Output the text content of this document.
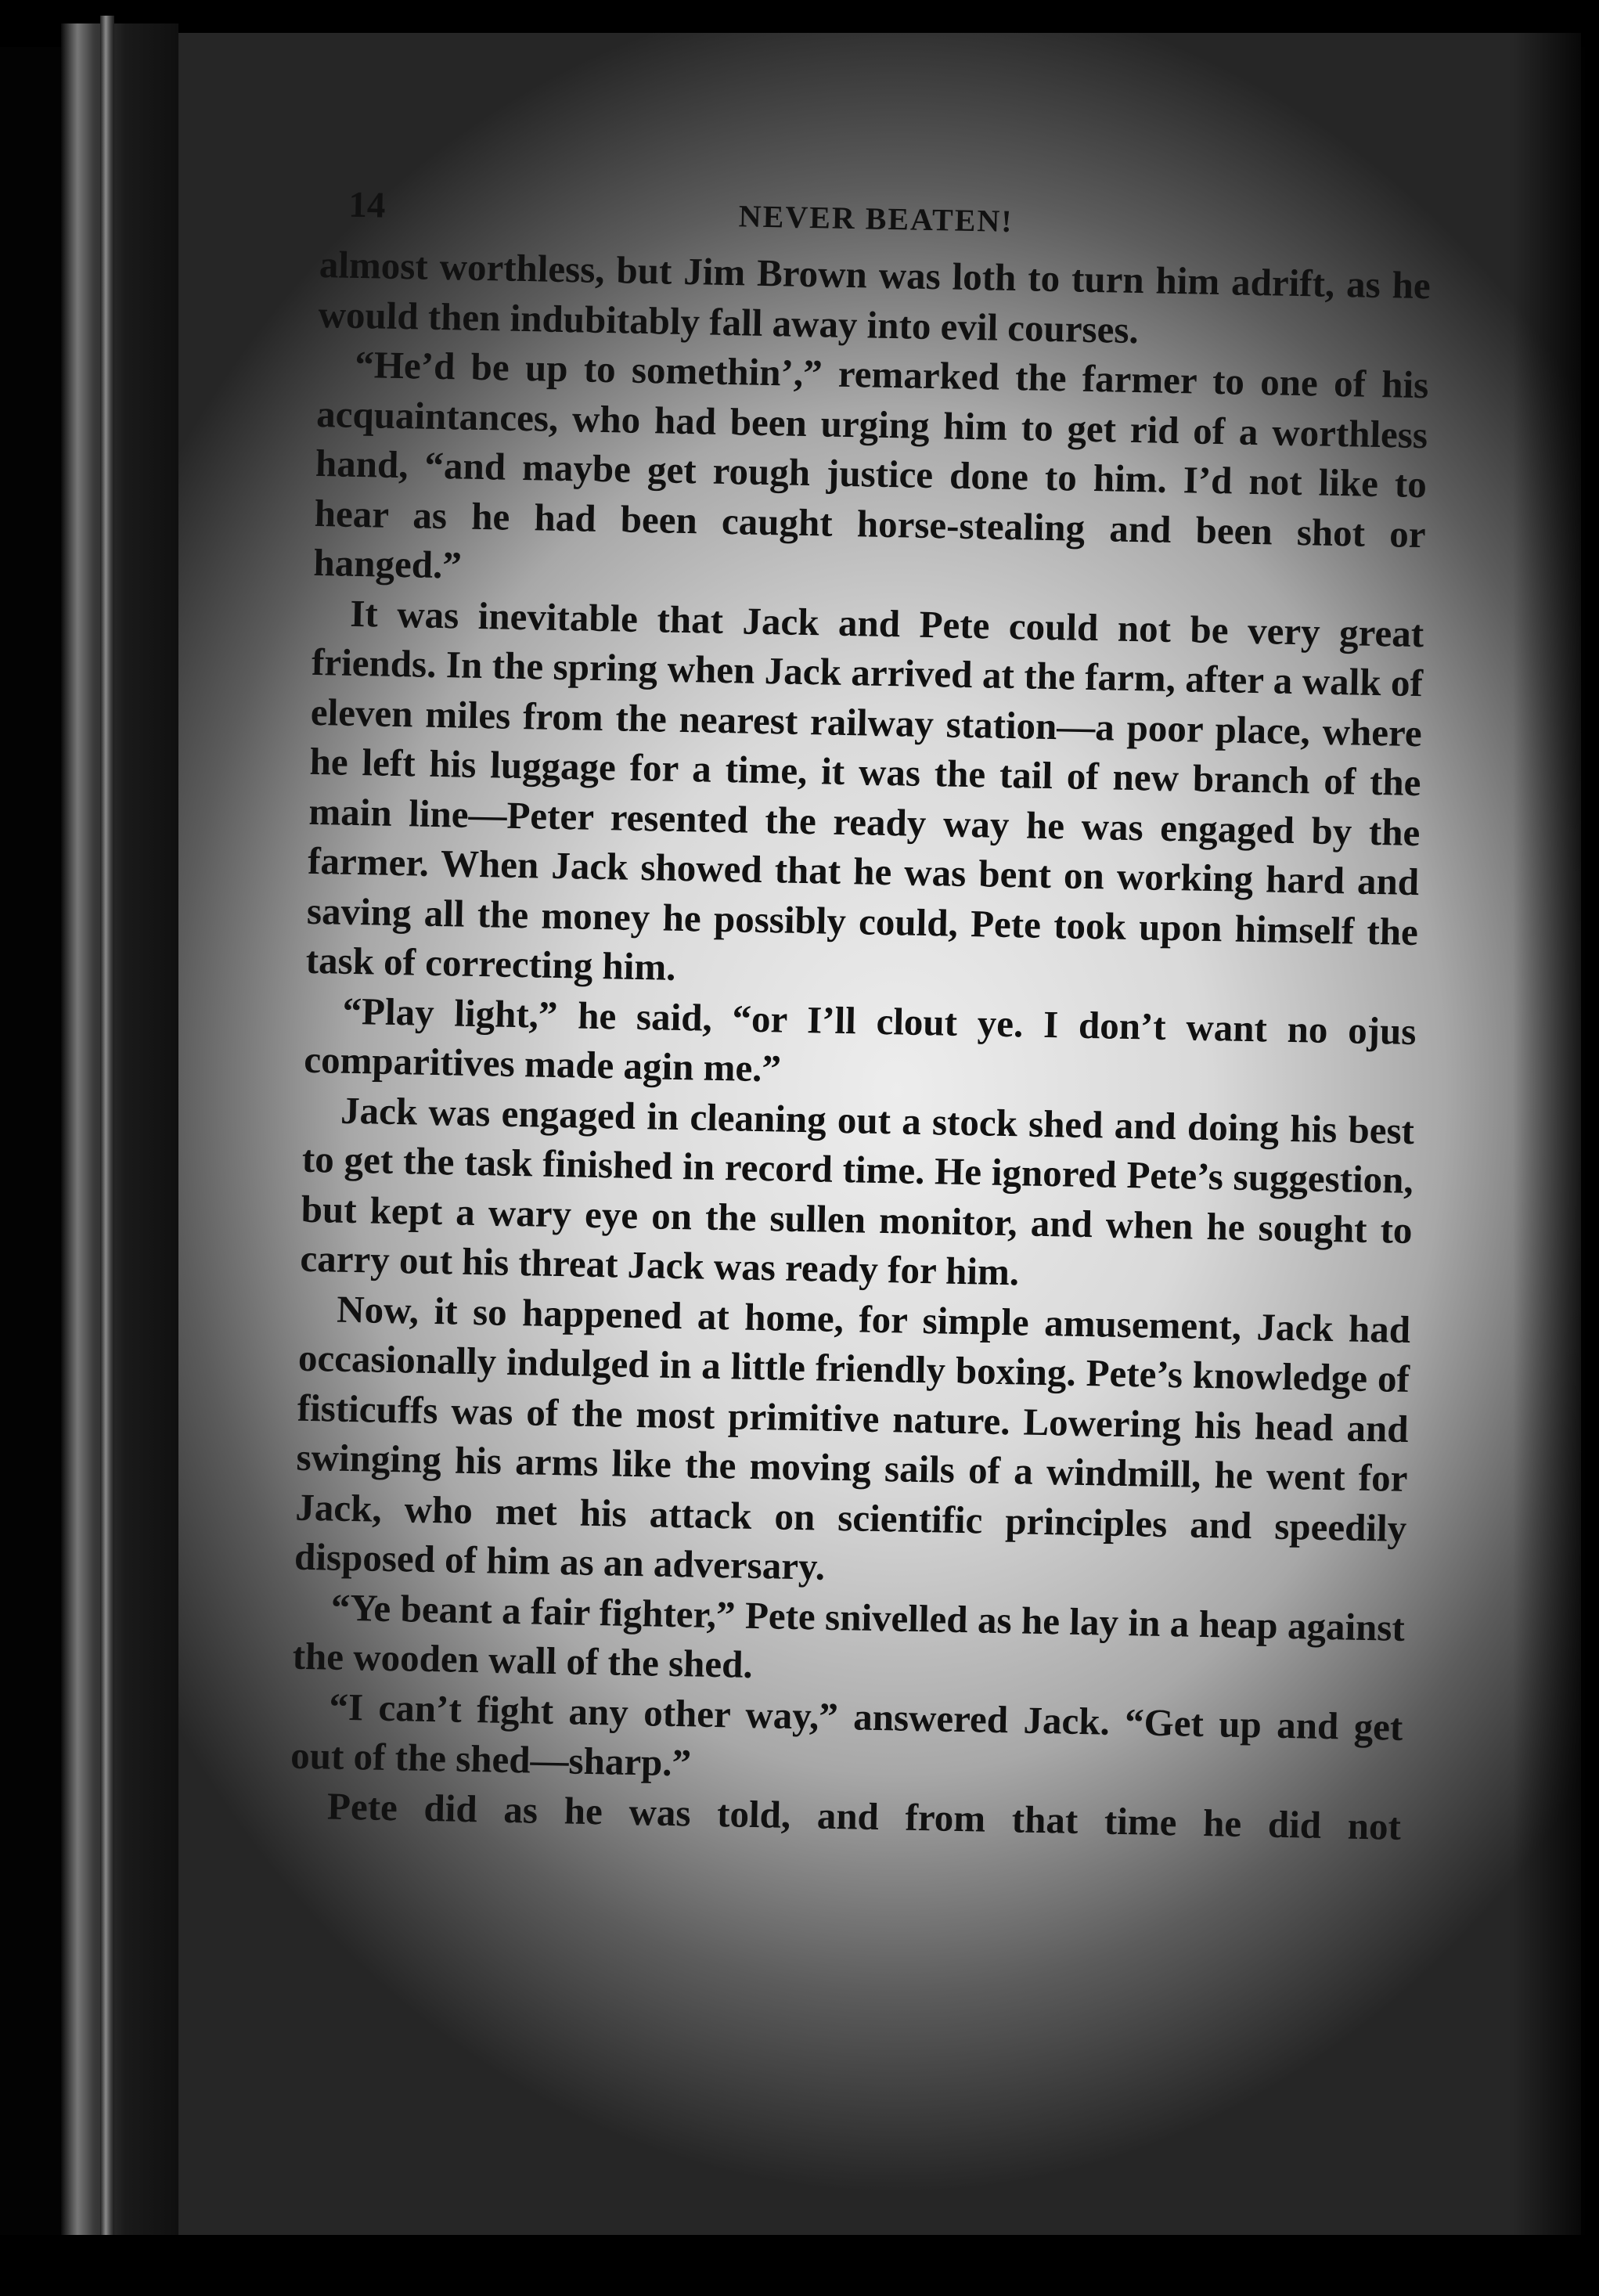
14	NEVER BEATEN!

almost worthless, but Jim Brown was loth to turn him adrift, as he would then indubitably fall away into evil courses.

“He’d be up to somethin’,” remarked the farmer to one of his acquaintances, who had been urging him to get rid of a worthless hand, “and maybe get rough justice done to him. I’d not like to hear as he had been caught horse-stealing and been shot or hanged.”

It was inevitable that Jack and Pete could not be very great friends. In the spring when Jack arrived at the farm, after a walk of eleven miles from the nearest railway station—a poor place, where he left his luggage for a time, it was the tail of new branch of the main line—Peter resented the ready way he was engaged by the farmer. When Jack showed that he was bent on working hard and saving all the money he possibly could, Pete took upon himself the task of correcting him.

“Play light,” he said, “or I’ll clout ye. I don’t want no ojus comparitives made agin me.”

Jack was engaged in cleaning out a stock shed and doing his best to get the task finished in record time. He ignored Pete’s suggestion, but kept a wary eye on the sullen monitor, and when he sought to carry out his threat Jack was ready for him.

Now, it so happened at home, for simple amusement, Jack had occasionally indulged in a little friendly boxing. Pete’s knowledge of fisticuffs was of the most primitive nature. Lowering his head and swinging his arms like the moving sails of a windmill, he went for Jack, who met his attack on scientific principles and speedily disposed of him as an adversary.

“Ye beant a fair fighter,” Pete snivelled as he lay in a heap against the wooden wall of the shed.

“I can’t fight any other way,” answered Jack. “Get up and get out of the shed—sharp.”

Pete did as he was told, and from that time he did not
